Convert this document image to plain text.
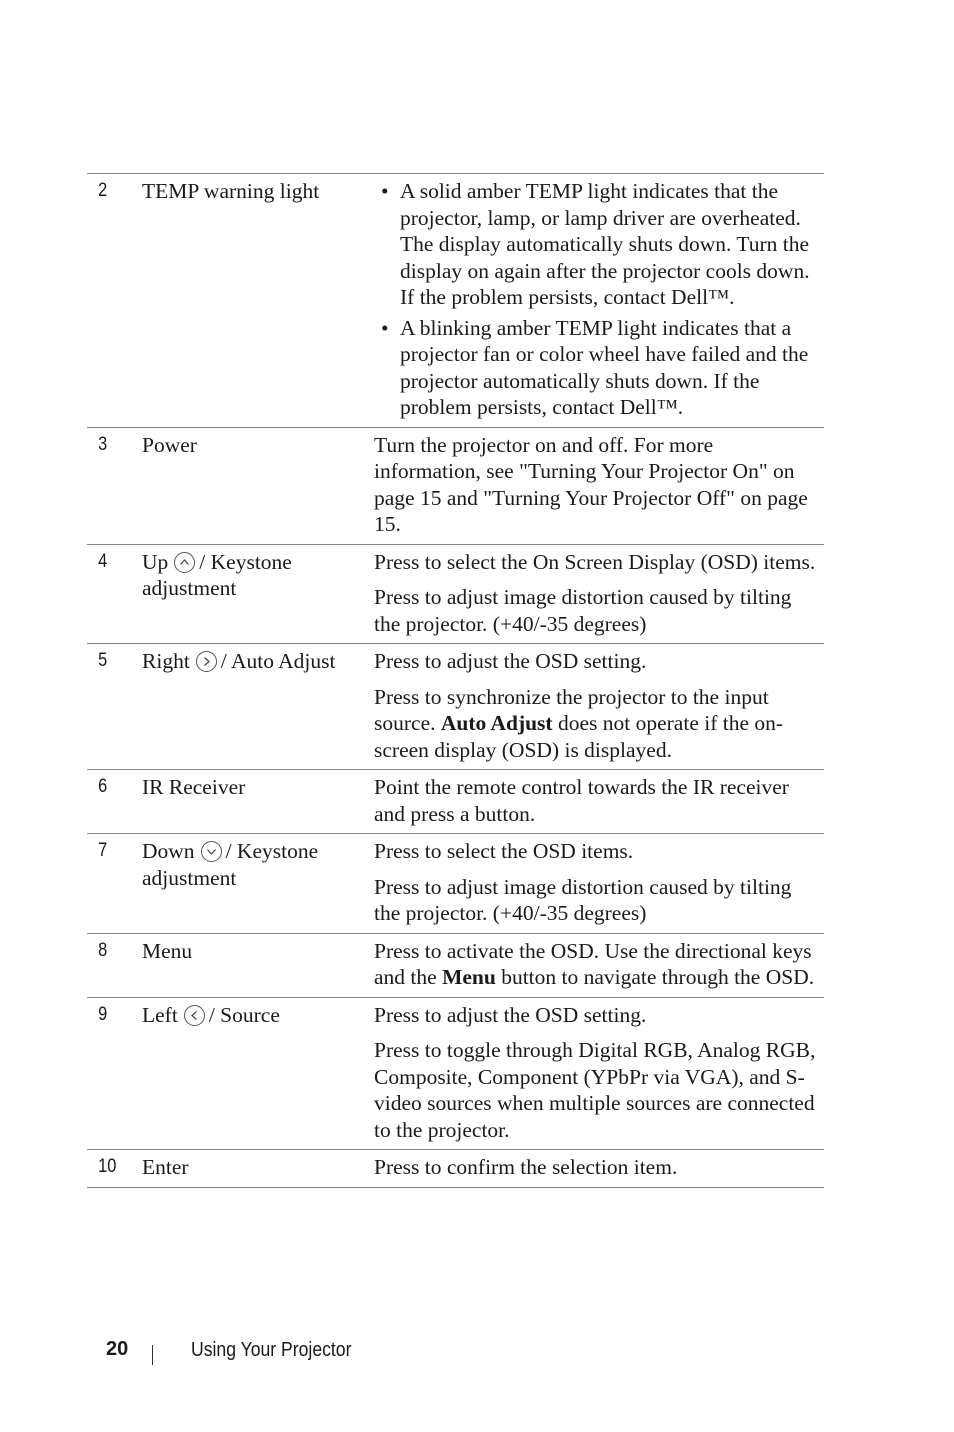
2	TEMP warning light
•	A solid amber TEMP light indicates that the projector, lamp, or lamp driver are overheated. The display automatically shuts down. Turn the display on again after the projector cools down. If the problem persists, contact Dell™.
• A blinking amber TEMP light indicates that a projector fan or color wheel have failed and the projector automatically shuts down. If the problem persists, contact Dell™.
3	Power	Turn the projector on and off. For more information, see "Turning Your Projector On" on page 15 and "Turning Your Projector Off" on page 15.

4	Up / Keystone adjustment

Press to select the On Screen Display (OSD) items.

Press to adjust image distortion caused by tilting the projector. (+40/-35 degrees)

5	Right / Auto Adjust	Press to adjust the OSD setting.

Press to synchronize the projector to the input source. Auto Adjust does not operate if the on-screen display (OSD) is displayed.

6	IR Receiver	Point the remote control towards the IR receiver and press a button.

7	Down / Keystone adjustment

Press to select the OSD items.

Press to adjust image distortion caused by tilting the projector. (+40/-35 degrees)

8	Menu	Press to activate the OSD. Use the directional keys and the Menu button to navigate through the OSD.

9	Left / Source	Press to adjust the OSD setting.

Press to toggle through Digital RGB, Analog RGB, Composite, Component (YPbPr via VGA), and S-video sources when multiple sources are connected to the projector.

10	Enter	Press to confirm the selection item.

20	Using Your Projector
